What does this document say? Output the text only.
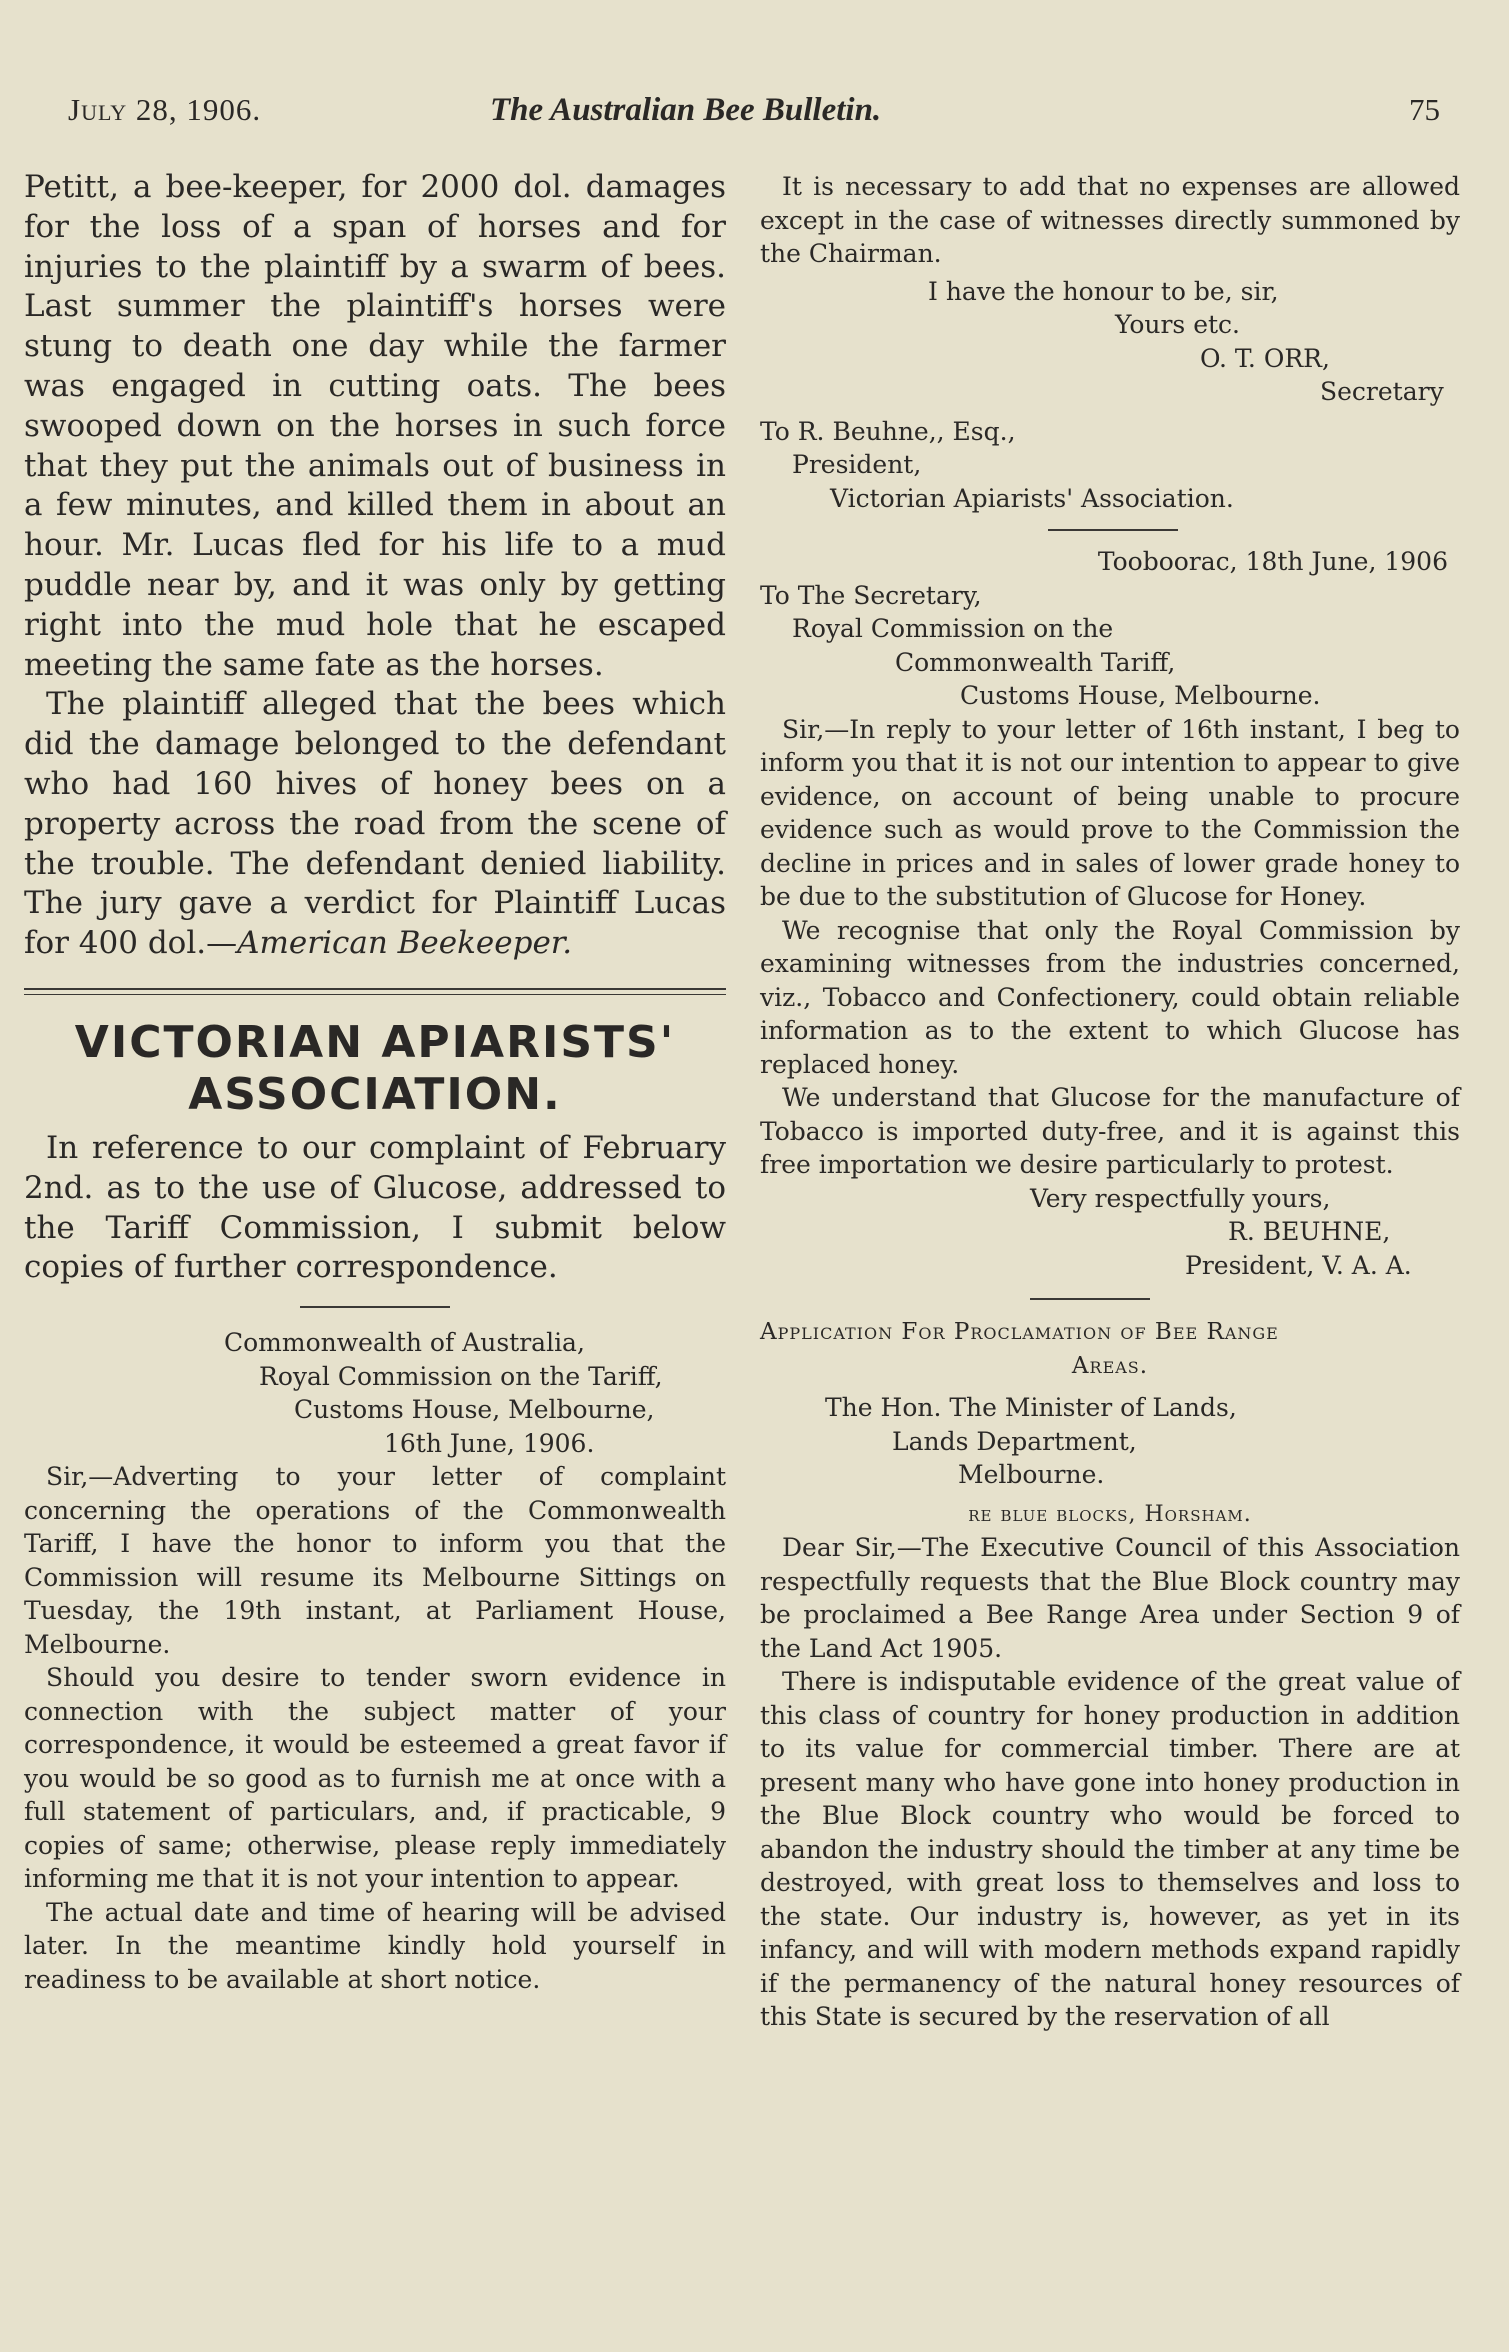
July 28, 1906.	The Australian Bee Bulletin.	75

Petitt, a bee-keeper, for 2000 dol. damages for the loss of a span of horses and for injuries to the plaintiff by a swarm of bees. Last summer the plaintiff's horses were stung to death one day while the farmer was engaged in cutting oats. The bees swooped down on the horses in such force that they put the animals out of business in a few minutes, and killed them in about an hour. Mr. Lucas fled for his life to a mud puddle near by, and it was only by getting right into the mud hole that he escaped meeting the same fate as the horses.

The plaintiff alleged that the bees which did the damage belonged to the defendant who had 160 hives of honey bees on a property across the road from the scene of the trouble. The defendant denied liability. The jury gave a verdict for Plaintiff Lucas for 400 dol.—American Beekeeper.

VICTORIAN APIARISTS'
ASSOCIATION.

In reference to our complaint of February 2nd. as to the use of Glucose, addressed to the Tariff Commission, I submit below copies of further correspondence.

Commonwealth of Australia,
Royal Commission on the Tariff,
Customs House, Melbourne,
16th June, 1906.

Sir,—Adverting to your letter of complaint concerning the operations of the Commonwealth Tariff, I have the honor to inform you that the Commission will resume its Melbourne Sittings on Tuesday, the 19th instant, at Parliament House, Melbourne.

Should you desire to tender sworn evidence in connection with the subject matter of your correspondence, it would be esteemed a great favor if you would be so good as to furnish me at once with a full statement of particulars, and, if practicable, 9 copies of same; otherwise, please reply immediately informing me that it is not your intention to appear.

The actual date and time of hearing will be advised later. In the meantime kindly hold yourself in readiness to be available at short notice.

It is necessary to add that no expenses are allowed except in the case of witnesses directly summoned by the Chairman.

I have the honour to be, sir,
Yours etc.
O. T. ORR,
Secretary
To R. Beuhne,, Esq.,
President,
Victorian Apiarists' Association.
Tooboorac, 18th June, 1906
To The Secretary,
Royal Commission on the
Commonwealth Tariff,
Customs House, Melbourne.

Sir,—In reply to your letter of 16th instant, I beg to inform you that it is not our intention to appear to give evidence, on account of being unable to procure evidence such as would prove to the Commission the decline in prices and in sales of lower grade honey to be due to the substitution of Glucose for Honey.

We recognise that only the Royal Commission by examining witnesses from the industries concerned, viz., Tobacco and Confectionery, could obtain reliable information as to the extent to which Glucose has replaced honey.

We understand that Glucose for the manufacture of Tobacco is imported duty-free, and it is against this free importation we desire particularly to protest.

Very respectfully yours,
R. BEUHNE,
President, V. A. A.
Application For Proclamation of Bee Range
Areas.
The Hon. The Minister of Lands,
Lands Department,
Melbourne.
re blue blocks, Horsham.

Dear Sir,—The Executive Council of this Association respectfully requests that the Blue Block country may be proclaimed a Bee Range Area under Section 9 of the Land Act 1905.

There is indisputable evidence of the great value of this class of country for honey production in addition to its value for commercial timber. There are at present many who have gone into honey production in the Blue Block country who would be forced to abandon the industry should the timber at any time be destroyed, with great loss to themselves and loss to the state. Our industry is, however, as yet in its infancy, and will with modern methods expand rapidly if the permanency of the natural honey resources of this State is secured by the reservation of all
